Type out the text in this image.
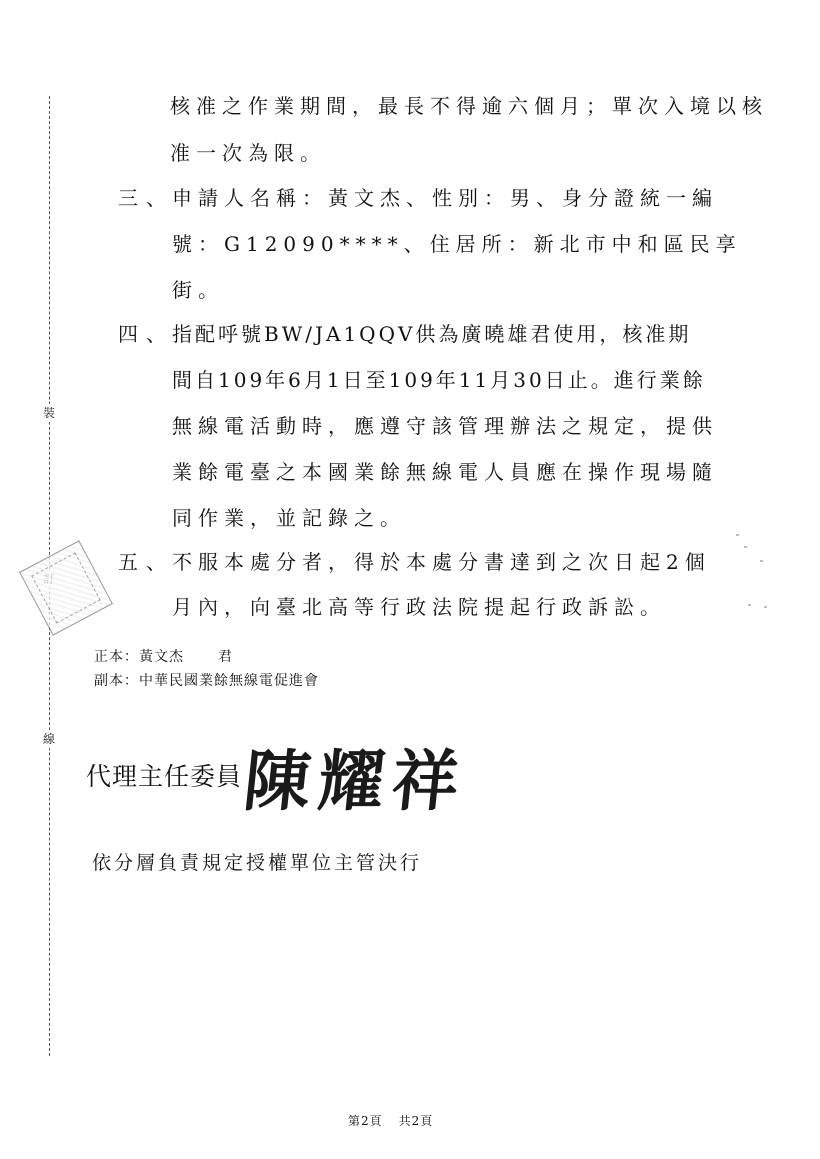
裝
線
核准之作業期間，最長不得逾六個月；單次入境以核
准一次為限。
三、
申請人名稱：黃文杰、性別：男、身分證統一編
號：G12090****、住居所：新北市中和區民享
街。
四、
指配呼號BW/JA1QQV供為廣曉雄君使用，核准期
間自109年6月1日至109年11月30日止。進行業餘
無線電活動時，應遵守該管理辦法之規定，提供
業餘電臺之本國業餘無線電人員應在操作現場隨
同作業，並記錄之。
五、
不服本處分者，得於本處分書達到之次日起2個
月內，向臺北高等行政法院提起行政訴訟。
正本：黃文杰 君
副本：中華民國業餘無線電促進會
代理主任委員
陳耀祥
依分層負責規定授權單位主管決行
第2頁 共2頁
